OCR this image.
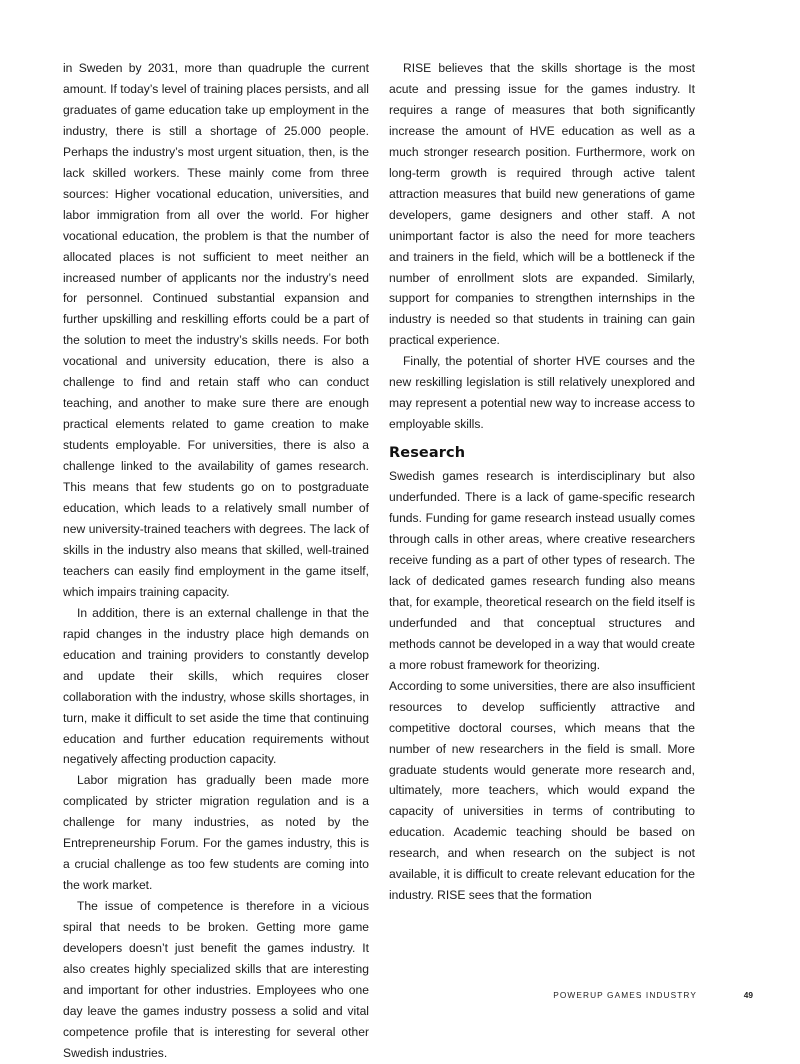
in Sweden by 2031, more than quadruple the current amount. If today’s level of training places persists, and all graduates of game education take up employment in the industry, there is still a shortage of 25.000 people. Perhaps the industry’s most urgent situation, then, is the lack skilled workers. These mainly come from three sources: Higher vocational education, universities, and labor immigration from all over the world. For higher vocational education, the problem is that the number of allocated places is not sufficient to meet neither an increased number of applicants nor the industry’s need for personnel. Continued substantial expansion and further upskilling and reskilling efforts could be a part of the solution to meet the industry’s skills needs. For both vocational and university education, there is also a challenge to find and retain staff who can conduct teaching, and another to make sure there are enough practical elements related to game creation to make students employable. For universities, there is also a challenge linked to the availability of games research. This means that few students go on to postgraduate education, which leads to a relatively small number of new university-trained teachers with degrees. The lack of skills in the industry also means that skilled, well-trained teachers can easily find employment in the game itself, which impairs training capacity.

In addition, there is an external challenge in that the rapid changes in the industry place high demands on education and training providers to constantly develop and update their skills, which requires closer collaboration with the industry, whose skills shortages, in turn, make it difficult to set aside the time that continuing education and further education requirements without negatively affecting production capacity.

Labor migration has gradually been made more complicated by stricter migration regulation and is a challenge for many industries, as noted by the Entrepreneurship Forum. For the games industry, this is a crucial challenge as too few students are coming into the work market.

The issue of competence is therefore in a vicious spiral that needs to be broken. Getting more game developers doesn’t just benefit the games industry. It also creates highly specialized skills that are interesting and important for other industries. Employees who one day leave the games industry possess a solid and vital competence profile that is interesting for several other Swedish industries.

RISE believes that the skills shortage is the most acute and pressing issue for the games industry. It requires a range of measures that both significantly increase the amount of HVE education as well as a much stronger research position. Furthermore, work on long-term growth is required through active talent attraction measures that build new generations of game developers, game designers and other staff. A not unimportant factor is also the need for more teachers and trainers in the field, which will be a bottleneck if the number of enrollment slots are expanded. Similarly, support for companies to strengthen internships in the industry is needed so that students in training can gain practical experience.

Finally, the potential of shorter HVE courses and the new reskilling legislation is still relatively unexplored and may represent a potential new way to increase access to employable skills.

Research

Swedish games research is interdisciplinary but also underfunded. There is a lack of game-specific research funds. Funding for game research instead usually comes through calls in other areas, where creative researchers receive funding as a part of other types of research. The lack of dedicated games research funding also means that, for example, theoretical research on the field itself is underfunded and that conceptual structures and methods cannot be developed in a way that would create a more robust framework for theorizing.

According to some universities, there are also insufficient resources to develop sufficiently attractive and competitive doctoral courses, which means that the number of new researchers in the field is small. More graduate students would generate more research and, ultimately, more teachers, which would expand the capacity of universities in terms of contributing to education. Academic teaching should be based on research, and when research on the subject is not available, it is difficult to create relevant education for the industry. RISE sees that the formation

POWERUP GAMES INDUSTRY	49
